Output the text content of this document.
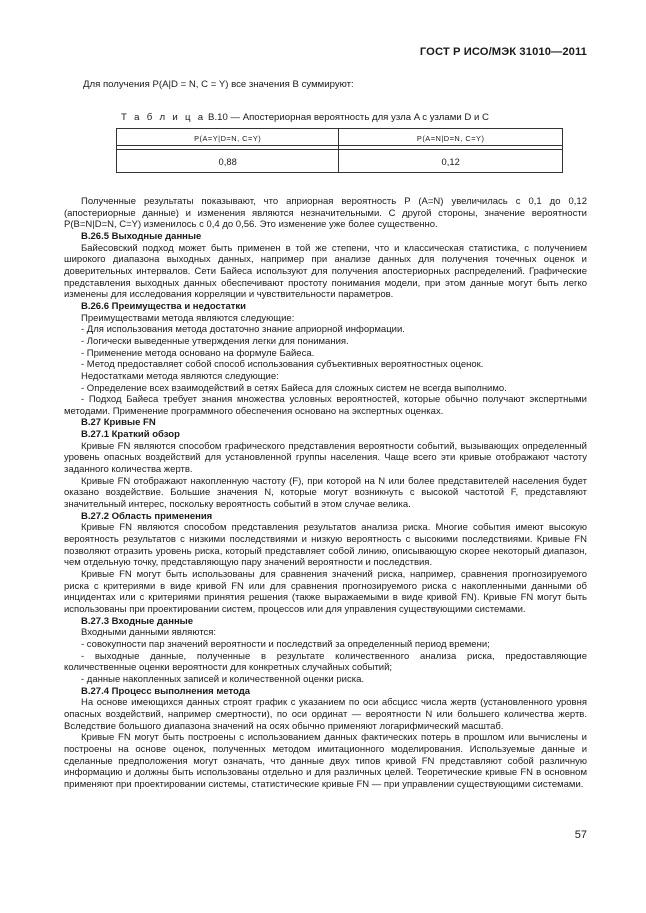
ГОСТ Р ИСО/МЭК 31010—2011
Для получения P(A|D = N, C = Y) все значения B суммируют:
Т а б л и ц а B.10 — Апостериорная вероятность для узла A с узлами D и C
P(A=Y|D=N, C=Y)	P(A=N|D=N, C=Y)

0,88	0,12

Полученные результаты показывают, что априорная вероятность P (A=N) увеличилась с 0,1 до 0,12 (апостериорные данные) и изменения являются незначительными. С другой стороны, значение вероятности P(B=N|D=N, C=Y) изменилось с 0,4 до 0,56. Это изменение уже более существенно.

B.26.5 Выходные данные

Байесовский подход может быть применен в той же степени, что и классическая статистика, с получением широкого диапазона выходных данных, например при анализе данных для получения точечных оценок и доверительных интервалов. Сети Байеса используют для получения апостериорных распределений. Графические представления выходных данных обеспечивают простоту понимания модели, при этом данные могут быть легко изменены для исследования корреляции и чувствительности параметров.

B.26.6 Преимущества и недостатки

Преимуществами метода являются следующие:

- Для использования метода достаточно знание априорной информации.

- Логически выведенные утверждения легки для понимания.

- Применение метода основано на формуле Байеса.

- Метод предоставляет собой способ использования субъективных вероятностных оценок.

Недостатками метода являются следующие:

- Определение всех взаимодействий в сетях Байеса для сложных систем не всегда выполнимо.

- Подход Байеса требует знания множества условных вероятностей, которые обычно получают экспертными методами. Применение программного обеспечения основано на экспертных оценках.

B.27 Кривые FN

B.27.1 Краткий обзор

Кривые FN являются способом графического представления вероятности событий, вызывающих определенный уровень опасных воздействий для установленной группы населения. Чаще всего эти кривые отображают частоту заданного количества жертв.

Кривые FN отображают накопленную частоту (F), при которой на N или более представителей населения будет оказано воздействие. Большие значения N, которые могут возникнуть с высокой частотой F, представляют значительный интерес, поскольку вероятность событий в этом случае велика.

B.27.2 Область применения

Кривые FN являются способом представления результатов анализа риска. Многие события имеют высокую вероятность результатов с низкими последствиями и низкую вероятность с высокими последствиями. Кривые FN позволяют отразить уровень риска, который представляет собой линию, описывающую скорее некоторый диапазон, чем отдельную точку, представляющую пару значений вероятности и последствия.

Кривые FN могут быть использованы для сравнения значений риска, например, сравнения прогнозируемого риска с критериями в виде кривой FN или для сравнения прогнозируемого риска с накопленными данными об инцидентах или с критериями принятия решения (также выражаемыми в виде кривой FN). Кривые FN могут быть использованы при проектировании систем, процессов или для управления существующими системами.

B.27.3 Входные данные

Входными данными являются:

- совокупности пар значений вероятности и последствий за определенный период времени;

- выходные данные, полученные в результате количественного анализа риска, предоставляющие количественные оценки вероятности для конкретных случайных событий;

- данные накопленных записей и количественной оценки риска.

B.27.4 Процесс выполнения метода

На основе имеющихся данных строят график с указанием по оси абсцисс числа жертв (установленного уровня опасных воздействий, например смертности), по оси ординат — вероятности N или большего количества жертв. Вследствие большого диапазона значений на осях обычно применяют логарифмический масштаб.

Кривые FN могут быть построены с использованием данных фактических потерь в прошлом или вычислены и построены на основе оценок, полученных методом имитационного моделирования. Используемые данные и сделанные предположения могут означать, что данные двух типов кривой FN представляют собой различную информацию и должны быть использованы отдельно и для различных целей. Теоретические кривые FN в основном применяют при проектировании системы, статистические кривые FN — при управлении существующими системами.

57
